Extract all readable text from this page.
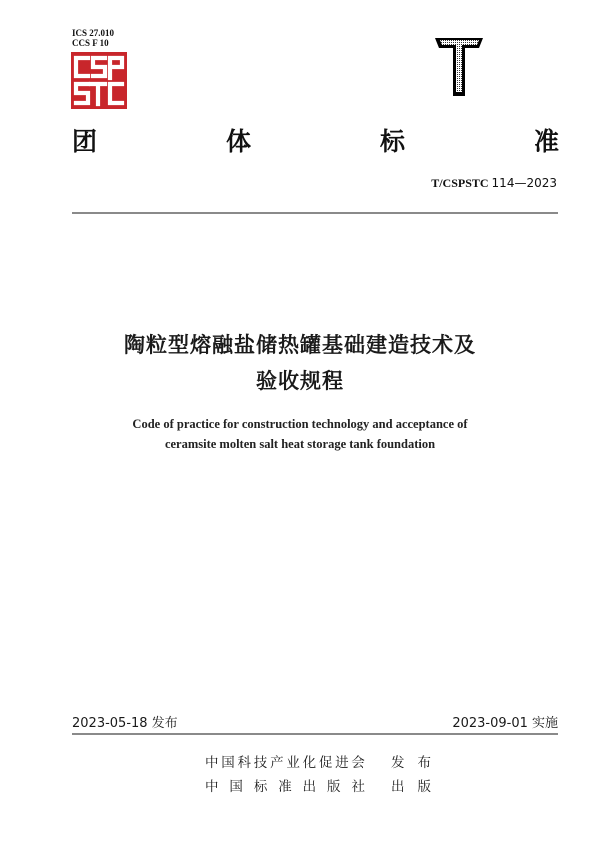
ICS 27.010
CCS F 10
团	体	标	准
T/CSPSTC 114—2023
陶粒型熔融盐储热罐基础建造技术及
验收规程
Code of practice for construction technology and acceptance of
ceramsite molten salt heat storage tank foundation
2023-05-18 发布	2023-09-01 实施
中 国 科 技 产 业 化 促 进 会 发 布
中 国 标 准 出 版 社 出 版
